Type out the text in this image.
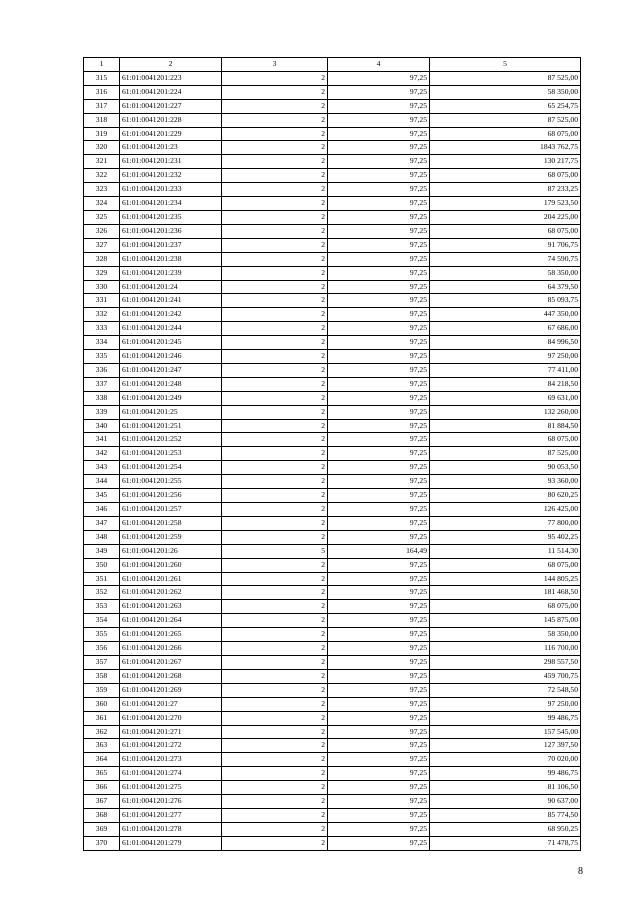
1	2	3	4	5
315	61:01:0041201:223	2	97,25	87 525,00
316	61:01:0041201:224	2	97,25	58 350,00
317	61:01:0041201:227	2	97,25	65 254,75
318	61:01:0041201:228	2	97,25	87 525,00
319	61:01:0041201:229	2	97,25	68 075,00
320	61:01:0041201:23	2	97,25	1843 762,75
321	61:01:0041201:231	2	97,25	130 217,75
322	61:01:0041201:232	2	97,25	68 075,00
323	61:01:0041201:233	2	97,25	87 233,25
324	61:01:0041201:234	2	97,25	179 523,50
325	61:01:0041201:235	2	97,25	204 225,00
326	61:01:0041201:236	2	97,25	68 075,00
327	61:01:0041201:237	2	97,25	91 706,75
328	61:01:0041201:238	2	97,25	74 590,75
329	61:01:0041201:239	2	97,25	58 350,00
330	61:01:0041201:24	2	97,25	64 379,50
331	61:01:0041201:241	2	97,25	85 093,75
332	61:01:0041201:242	2	97,25	447 350,00
333	61:01:0041201:244	2	97,25	67 686,00
334	61:01:0041201:245	2	97,25	84 996,50
335	61:01:0041201:246	2	97,25	97 250,00
336	61:01:0041201:247	2	97,25	77 411,00
337	61:01:0041201:248	2	97,25	84 218,50
338	61:01:0041201:249	2	97,25	69 631,00
339	61:01:0041201:25	2	97,25	132 260,00
340	61:01:0041201:251	2	97,25	81 884,50
341	61:01:0041201:252	2	97,25	68 075,00
342	61:01:0041201:253	2	97,25	87 525,00
343	61:01:0041201:254	2	97,25	90 053,50
344	61:01:0041201:255	2	97,25	93 360,00
345	61:01:0041201:256	2	97,25	80 620,25
346	61:01:0041201:257	2	97,25	126 425,00
347	61:01:0041201:258	2	97,25	77 800,00
348	61:01:0041201:259	2	97,25	95 402,25
349	61:01:0041201:26	5	164,49	11 514,30
350	61:01:0041201:260	2	97,25	68 075,00
351	61:01:0041201:261	2	97,25	144 805,25
352	61:01:0041201:262	2	97,25	181 468,50
353	61:01:0041201:263	2	97,25	68 075,00
354	61:01:0041201:264	2	97,25	145 875,00
355	61:01:0041201:265	2	97,25	58 350,00
356	61:01:0041201:266	2	97,25	116 700,00
357	61:01:0041201:267	2	97,25	298 557,50
358	61:01:0041201:268	2	97,25	459 700,75
359	61:01:0041201:269	2	97,25	72 548,50
360	61:01:0041201:27	2	97,25	97 250,00
361	61:01:0041201:270	2	97,25	99 486,75
362	61:01:0041201:271	2	97,25	157 545,00
363	61:01:0041201:272	2	97,25	127 397,50
364	61:01:0041201:273	2	97,25	70 020,00
365	61:01:0041201:274	2	97,25	99 486,75
366	61:01:0041201:275	2	97,25	81 106,50
367	61:01:0041201:276	2	97,25	90 637,00
368	61:01:0041201:277	2	97,25	85 774,50
369	61:01:0041201:278	2	97,25	68 950,25
370	61:01:0041201:279	2	97,25	71 478,75
8
